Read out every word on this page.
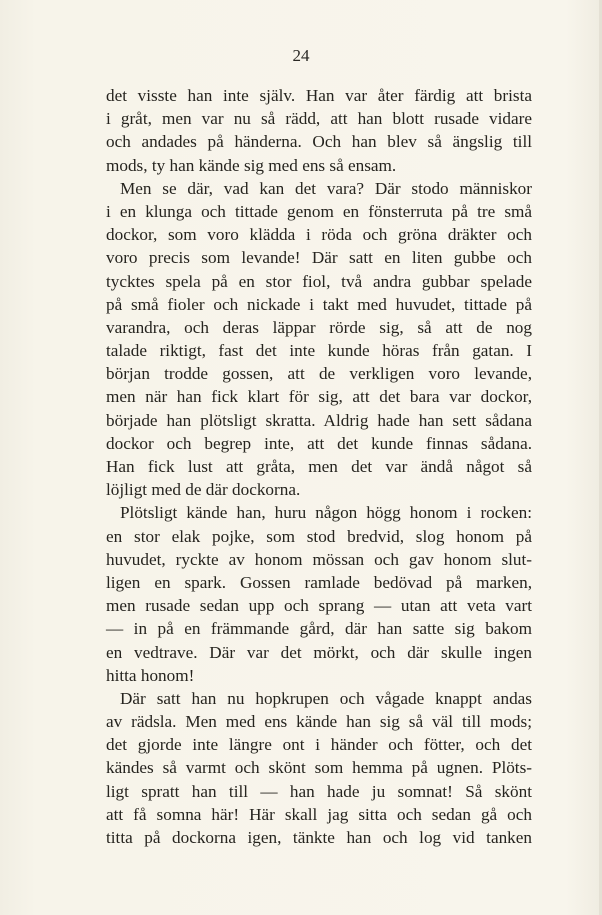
24
det visste han inte själv. Han var åter färdig att brista
i gråt, men var nu så rädd, att han blott rusade vidare
och andades på händerna. Och han blev så ängslig till
mods, ty han kände sig med ens så ensam.
Men se där, vad kan det vara? Där stodo människor
i en klunga och tittade genom en fönsterruta på tre små
dockor, som voro klädda i röda och gröna dräkter och
voro precis som levande! Där satt en liten gubbe och
tycktes spela på en stor fiol, två andra gubbar spelade
på små fioler och nickade i takt med huvudet, tittade på
varandra, och deras läppar rörde sig, så att de nog
talade riktigt, fast det inte kunde höras från gatan. I
början trodde gossen, att de verkligen voro levande,
men när han fick klart för sig, att det bara var dockor,
började han plötsligt skratta. Aldrig hade han sett sådana
dockor och begrep inte, att det kunde finnas sådana.
Han fick lust att gråta, men det var ändå något så
löjligt med de där dockorna.
Plötsligt kände han, huru någon högg honom i rocken:
en stor elak pojke, som stod bredvid, slog honom på
huvudet, ryckte av honom mössan och gav honom slut-
ligen en spark. Gossen ramlade bedövad på marken,
men rusade sedan upp och sprang — utan att veta vart
— in på en främmande gård, där han satte sig bakom
en vedtrave. Där var det mörkt, och där skulle ingen
hitta honom!
Där satt han nu hopkrupen och vågade knappt andas
av rädsla. Men med ens kände han sig så väl till mods;
det gjorde inte längre ont i händer och fötter, och det
kändes så varmt och skönt som hemma på ugnen. Plöts-
ligt spratt han till — han hade ju somnat! Så skönt
att få somna här! Här skall jag sitta och sedan gå och
titta på dockorna igen, tänkte han och log vid tanken
